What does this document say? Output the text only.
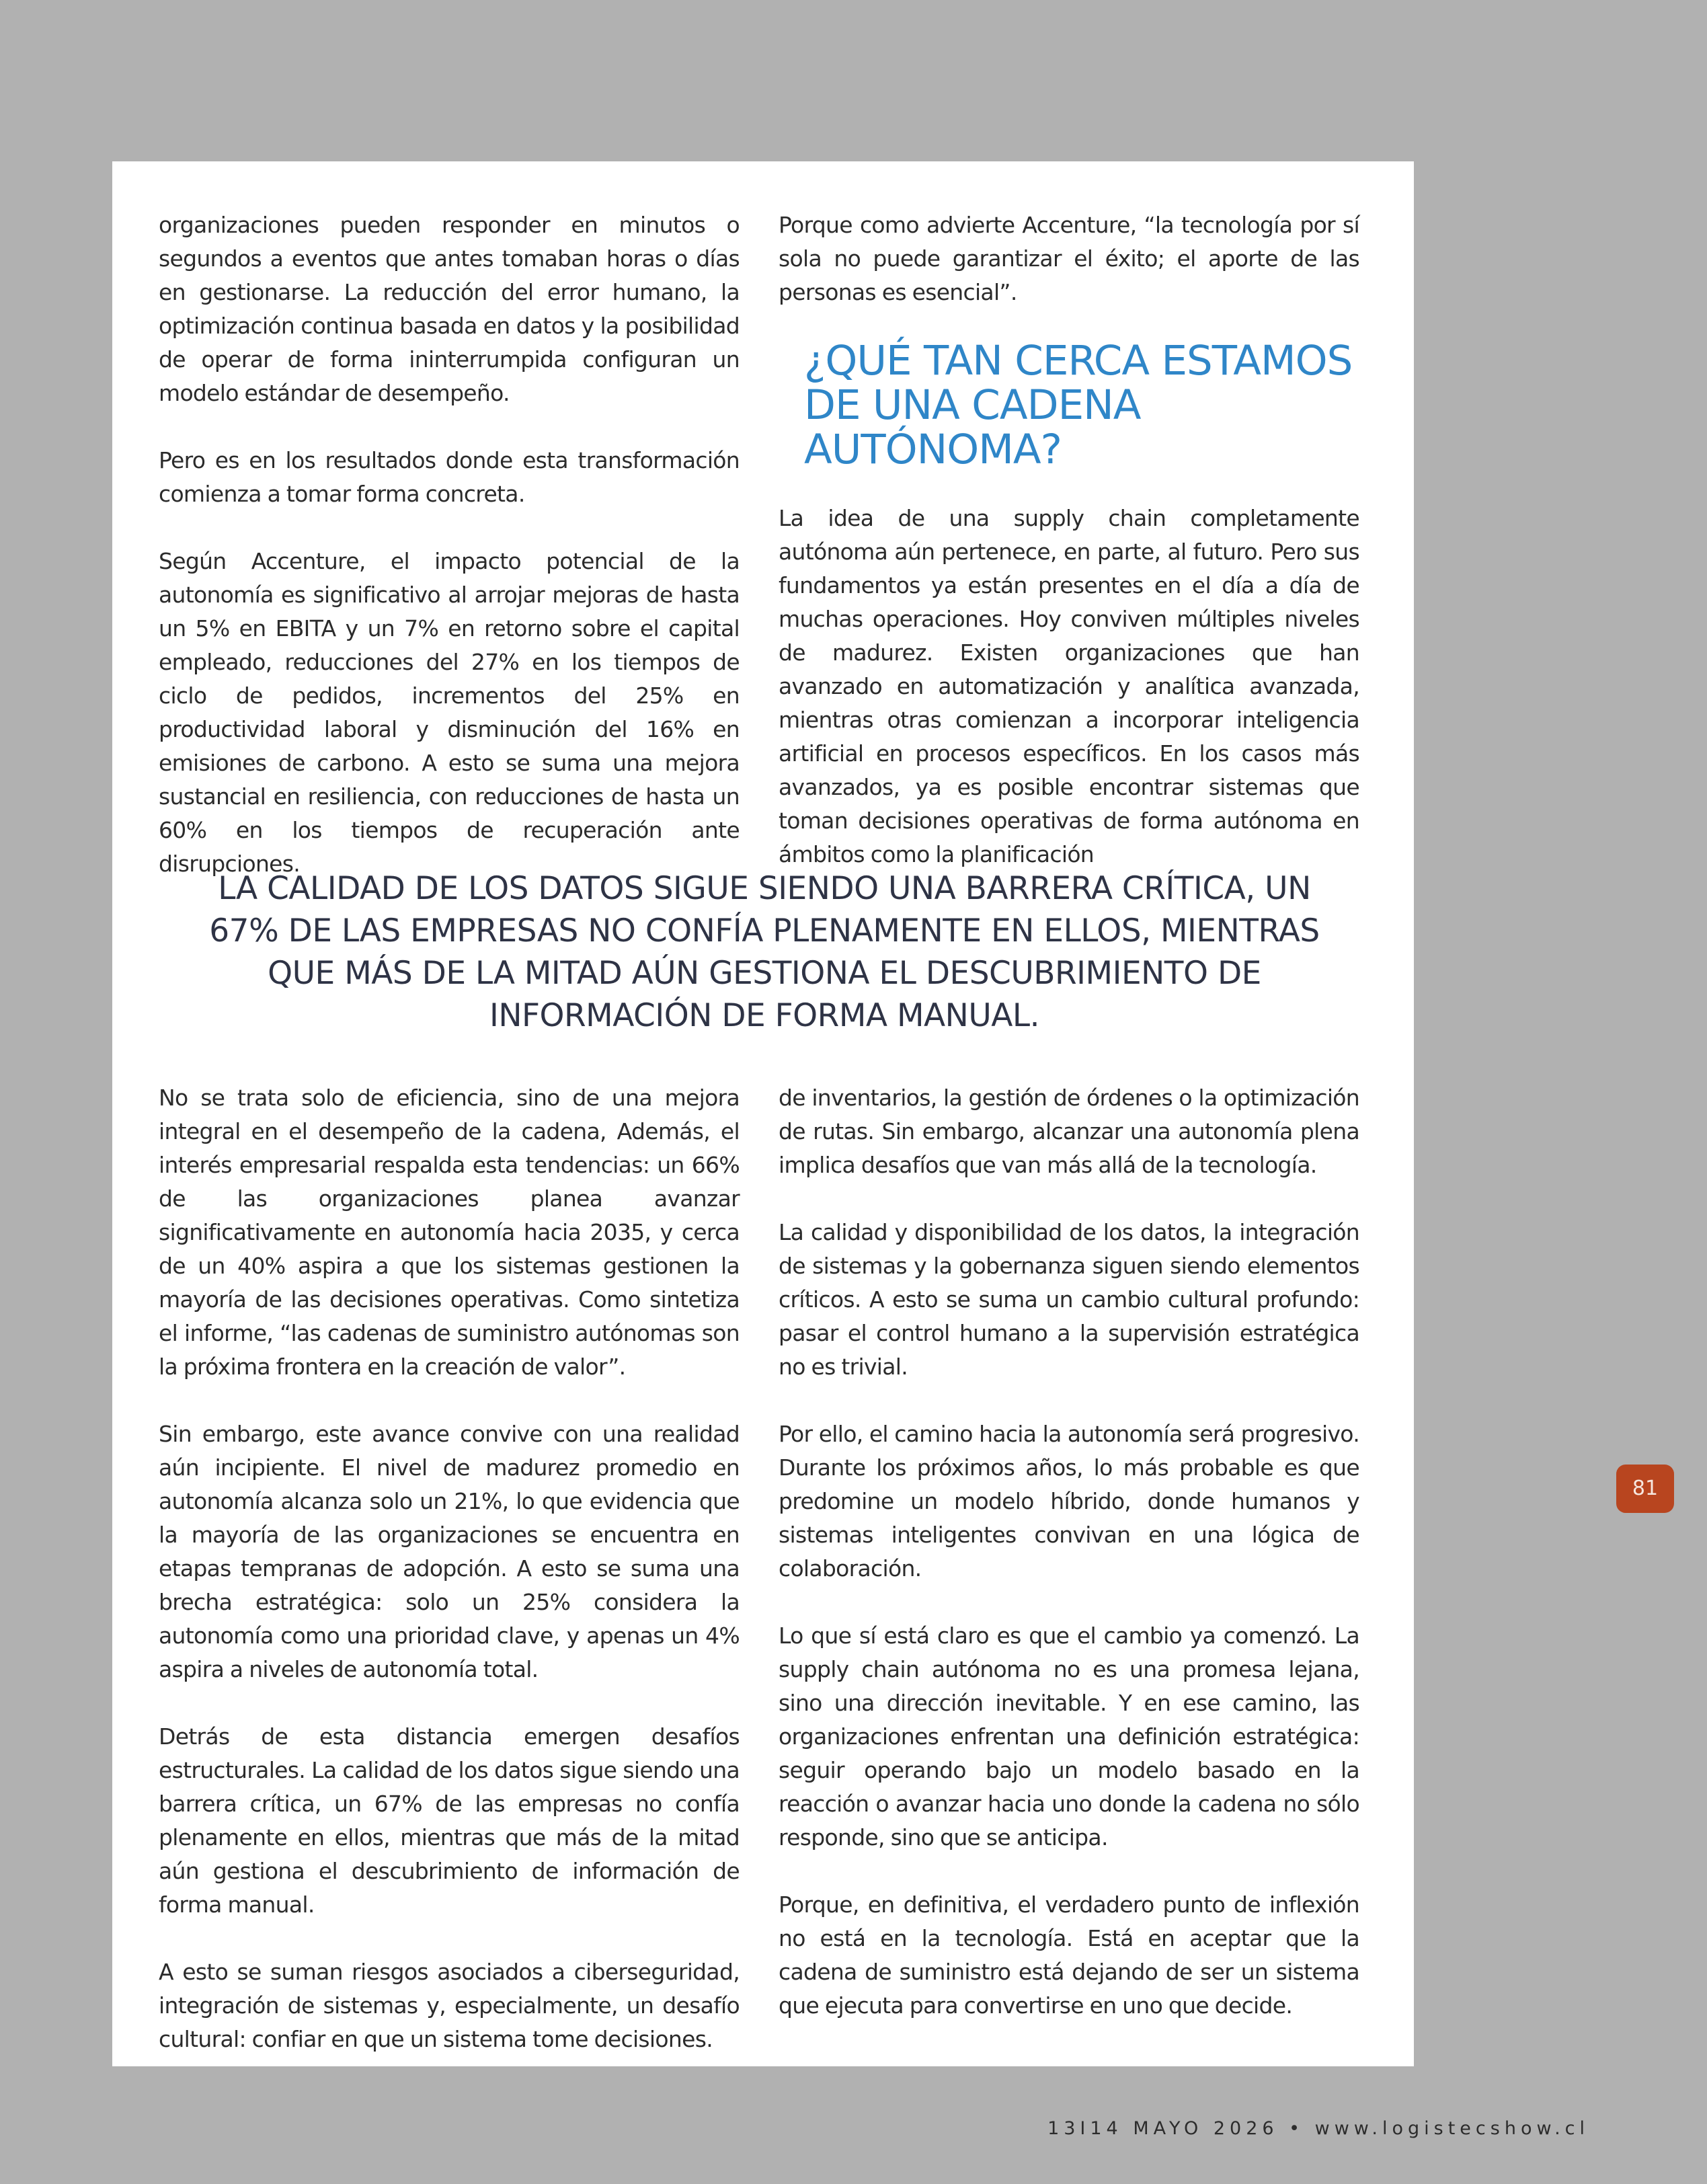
organizaciones pueden responder en minutos o segundos a eventos que antes tomaban horas o días en gestionarse. La reducción del error humano, la optimización continua basada en datos y la posibilidad de operar de forma ininterrumpida configuran un modelo estándar de desempeño.

Pero es en los resultados donde esta transformación comienza a tomar forma concreta.

Según Accenture, el impacto potencial de la autonomía es significativo al arrojar mejoras de hasta un 5% en EBITA y un 7% en retorno sobre el capital empleado, reducciones del 27% en los tiempos de ciclo de pedidos, incrementos del 25% en productividad laboral y disminución del 16% en emisiones de carbono. A esto se suma una mejora sustancial en resiliencia, con reducciones de hasta un 60% en los tiempos de recuperación ante disrupciones.

Porque como advierte Accenture, “la tecnología por sí sola no puede garantizar el éxito; el aporte de las personas es esencial”.

¿QUÉ TAN CERCA ESTAMOS DE UNA CADENA AUTÓNOMA?

La idea de una supply chain completamente autónoma aún pertenece, en parte, al futuro. Pero sus fundamentos ya están presentes en el día a día de muchas operaciones. Hoy conviven múltiples niveles de madurez. Existen organizaciones que han avanzado en automatización y analítica avanzada, mientras otras comienzan a incorporar inteligencia artificial en procesos específicos. En los casos más avanzados, ya es posible encontrar sistemas que toman decisiones operativas de forma autónoma en ámbitos como la planificación

LA CALIDAD DE LOS DATOS SIGUE SIENDO UNA BARRERA CRÍTICA, UN 67% DE LAS EMPRESAS NO CONFÍA PLENAMENTE EN ELLOS, MIENTRAS QUE MÁS DE LA MITAD AÚN GESTIONA EL DESCUBRIMIENTO DE INFORMACIÓN DE FORMA MANUAL.

No se trata solo de eficiencia, sino de una mejora integral en el desempeño de la cadena, Además, el interés empresarial respalda esta tendencias: un 66% de las organizaciones planea avanzar significativamente en autonomía hacia 2035, y cerca de un 40% aspira a que los sistemas gestionen la mayoría de las decisiones operativas. Como sintetiza el informe, “las cadenas de suministro autónomas son la próxima frontera en la creación de valor”.

Sin embargo, este avance convive con una realidad aún incipiente. El nivel de madurez promedio en autonomía alcanza solo un 21%, lo que evidencia que la mayoría de las organizaciones se encuentra en etapas tempranas de adopción. A esto se suma una brecha estratégica: solo un 25% considera la autonomía como una prioridad clave, y apenas un 4% aspira a niveles de autonomía total.

Detrás de esta distancia emergen desafíos estructurales. La calidad de los datos sigue siendo una barrera crítica, un 67% de las empresas no confía plenamente en ellos, mientras que más de la mitad aún gestiona el descubrimiento de información de forma manual.

A esto se suman riesgos asociados a ciberseguridad, integración de sistemas y, especialmente, un desafío cultural: confiar en que un sistema tome decisiones.

de inventarios, la gestión de órdenes o la optimización de rutas. Sin embargo, alcanzar una autonomía plena implica desafíos que van más allá de la tecnología.

La calidad y disponibilidad de los datos, la integración de sistemas y la gobernanza siguen siendo elementos críticos. A esto se suma un cambio cultural profundo: pasar el control humano a la supervisión estratégica no es trivial.

Por ello, el camino hacia la autonomía será progresivo. Durante los próximos años, lo más probable es que predomine un modelo híbrido, donde humanos y sistemas inteligentes convivan en una lógica de colaboración.

Lo que sí está claro es que el cambio ya comenzó. La supply chain autónoma no es una promesa lejana, sino una dirección inevitable. Y en ese camino, las organizaciones enfrentan una definición estratégica: seguir operando bajo un modelo basado en la reacción o avanzar hacia uno donde la cadena no sólo responde, sino que se anticipa.

Porque, en definitiva, el verdadero punto de inflexión no está en la tecnología. Está en aceptar que la cadena de suministro está dejando de ser un sistema que ejecuta para convertirse en uno que decide.

81
13I14 MAYO 2026 • www.logistecshow.cl
